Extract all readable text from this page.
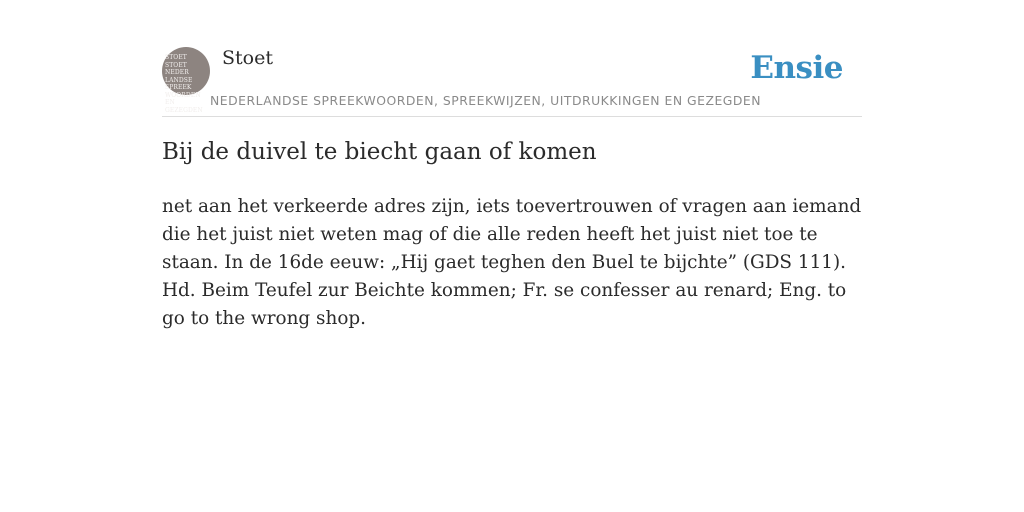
STOET
STOET
NEDER
LANDSE
SPREEK
WOORDEN EN
GEZEGDEN
Stoet	Ensie
NEDERLANDSE SPREEKWOORDEN, SPREEKWIJZEN, UITDRUKKINGEN EN GEZEGDEN
Bij de duivel te biecht gaan of komen

net aan het verkeerde adres zijn, iets toevertrouwen of vragen aan iemand die het juist niet weten mag of die alle reden heeft het juist niet toe te staan. In de 16de eeuw: „Hij gaet teghen den Buel te bijchte” (GDS 111). Hd. Beim Teufel zur Beichte kommen; Fr. se confesser au renard; Eng. to go to the wrong shop.
